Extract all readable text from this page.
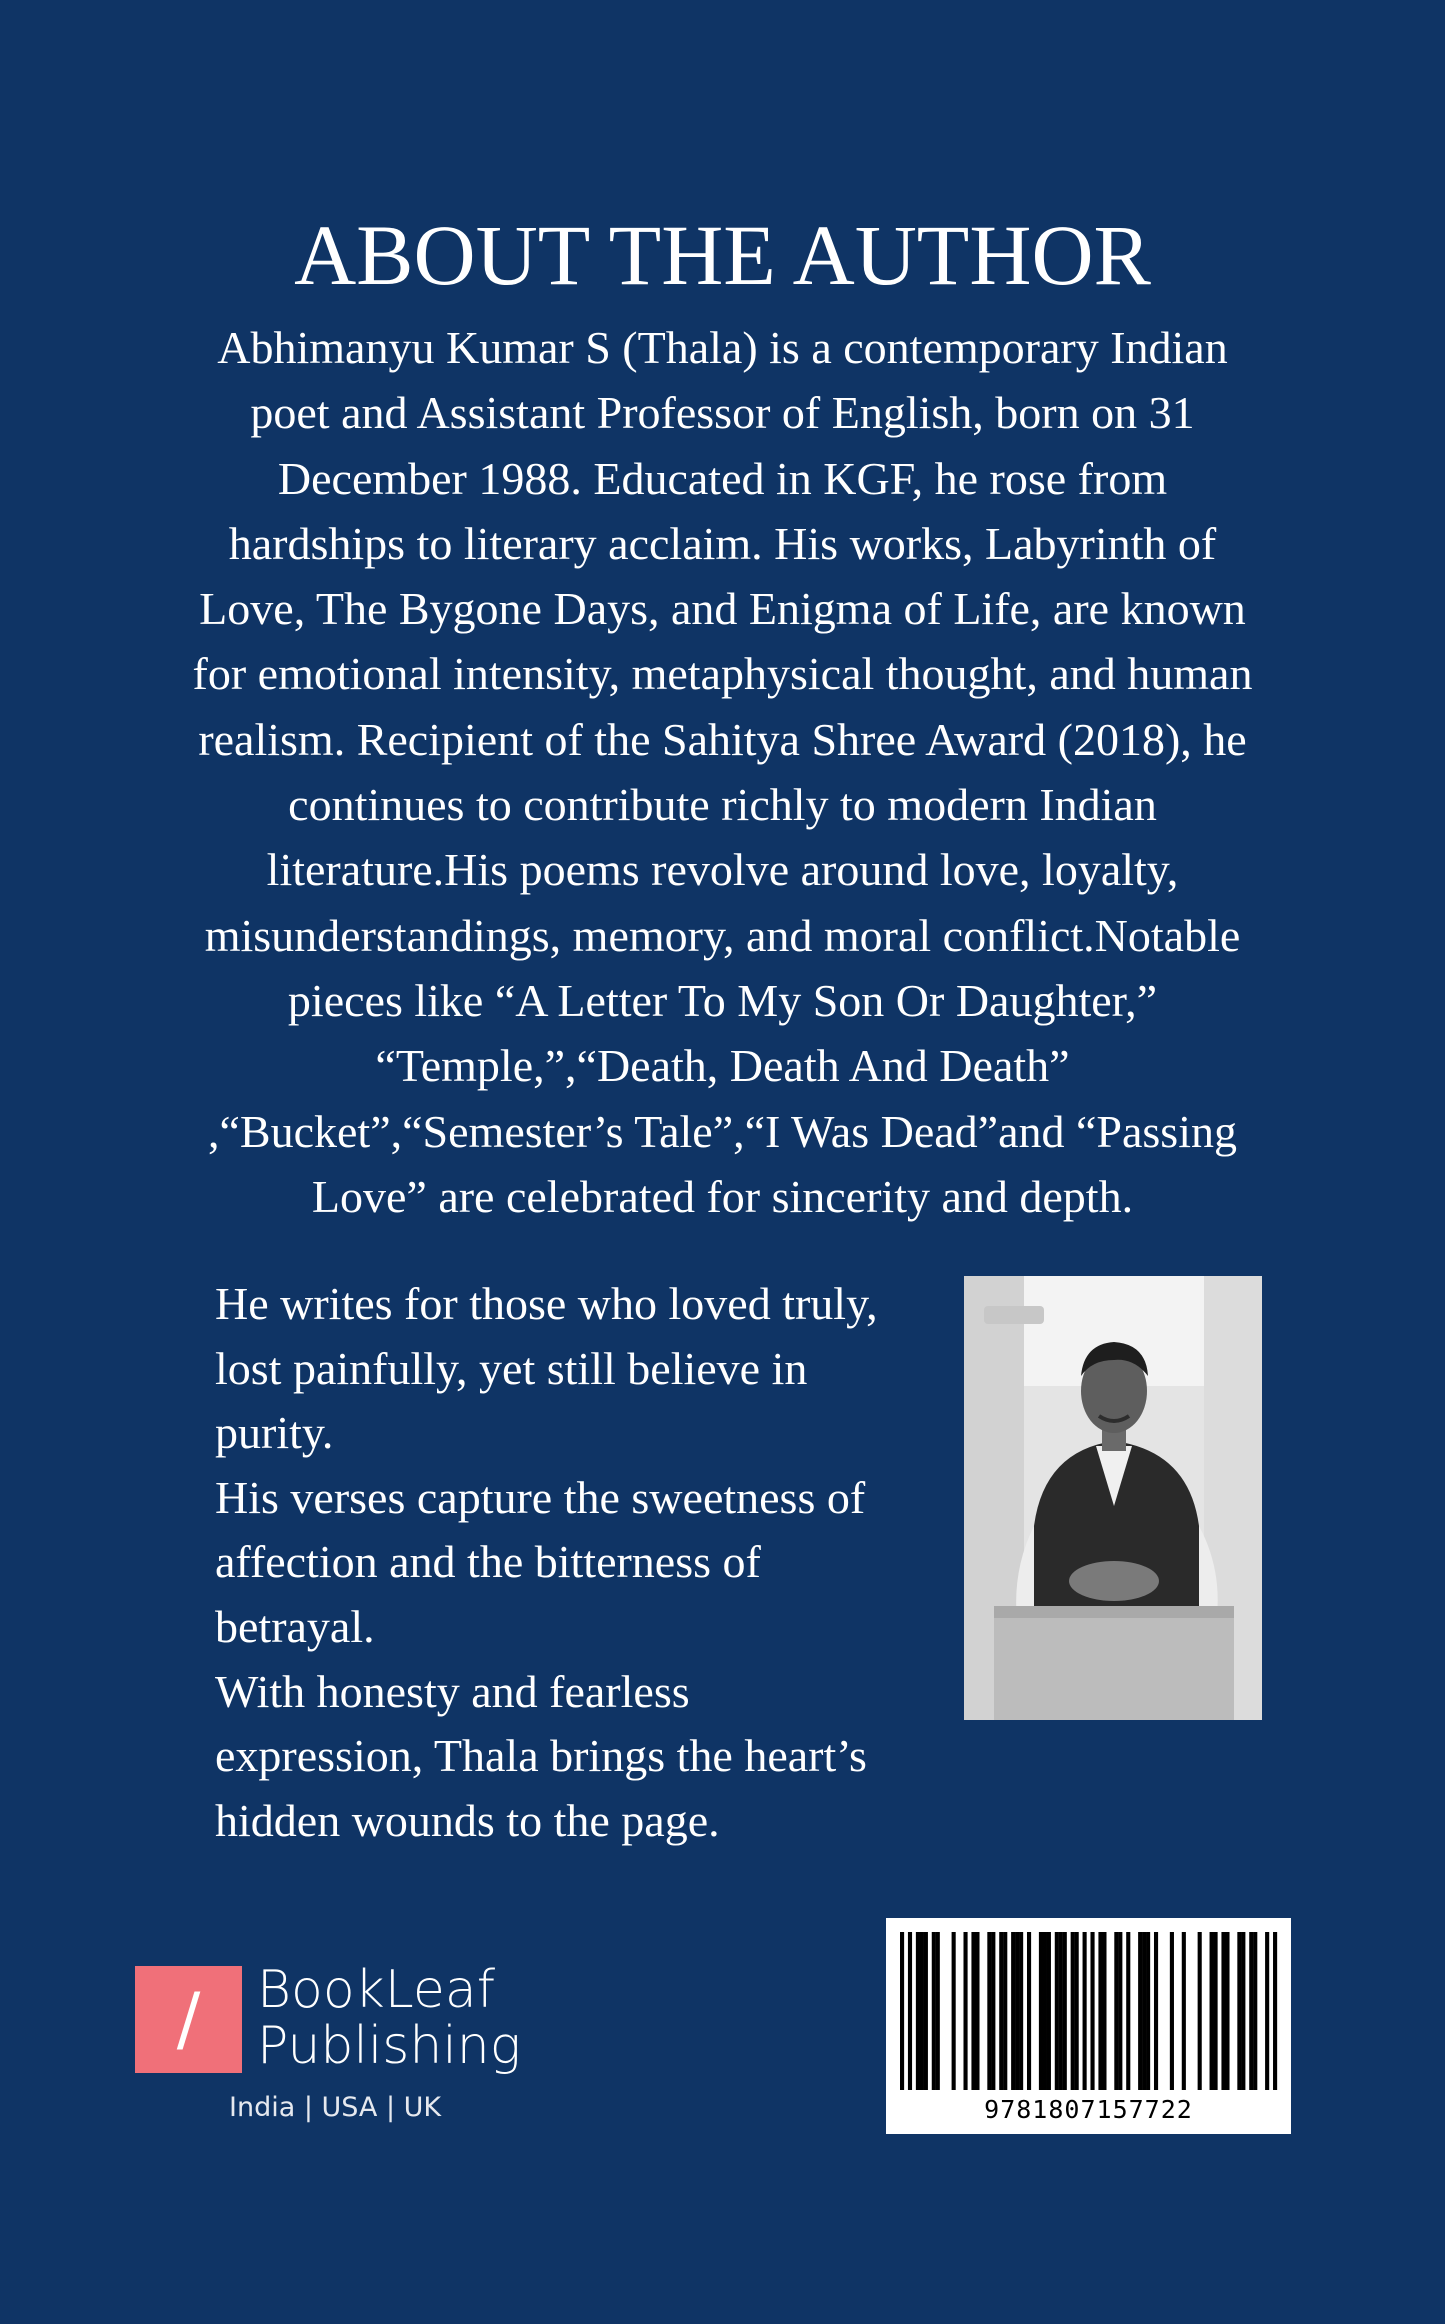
ABOUT THE AUTHOR
Abhimanyu Kumar S (Thala) is a contemporary Indian
poet and Assistant Professor of English, born on 31
December 1988. Educated in KGF, he rose from
hardships to literary acclaim. His works, Labyrinth of
Love, The Bygone Days, and Enigma of Life, are known
for emotional intensity, metaphysical thought, and human
realism. Recipient of the Sahitya Shree Award (2018), he
continues to contribute richly to modern Indian
literature.His poems revolve around love, loyalty,
misunderstandings, memory, and moral conflict.Notable
pieces like “A Letter To My Son Or Daughter,”
“Temple,”,“Death, Death And Death”
,“Bucket”,“Semester’s Tale”,“I Was Dead”and “Passing
Love” are celebrated for sincerity and depth.
He writes for those who loved truly,
lost painfully, yet still believe in
purity.
His verses capture the sweetness of
affection and the bitterness of
betrayal.
With honesty and fearless
expression, Thala brings the heart’s
hidden wounds to the page.
/	BookLeaf
Publishing
India | USA | UK	9781807157722
